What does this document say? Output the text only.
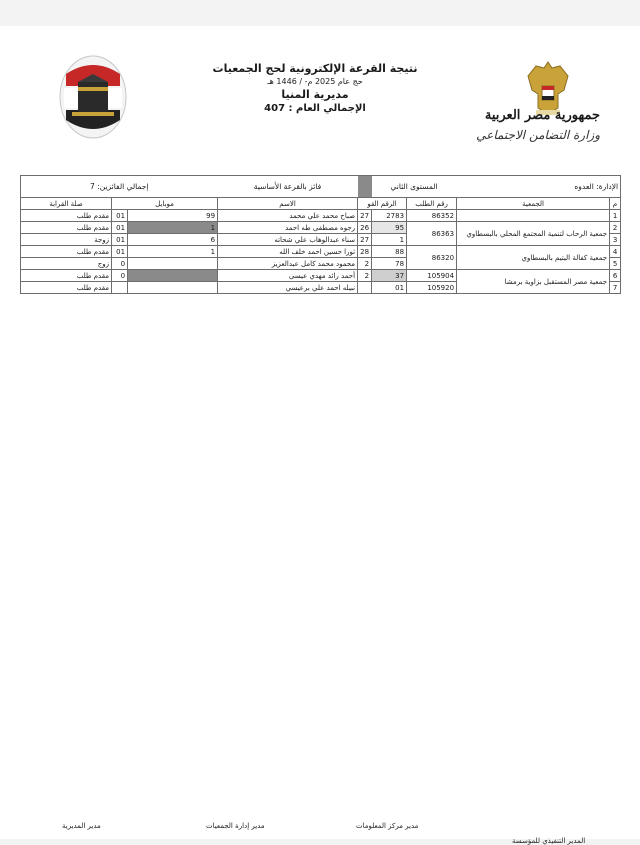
جمهورية مصر العربية
وزارة التضامن الاجتماعي
نتيجة القرعة الإلكترونية لحج الجمعيات
حج عام 2025 م- / 1446 هـ
مديرية المنيا
الإجمالي العام : 407
الإدارة: العدوه		المستوى الثاني			فائز بالقرعة الأساسية	إجمالي الفائزين: 7		
م	الجمعية	رقم الطلب	الرقم القو		الاسم	موبايل		صلة القرابة
1		86352	2783	27	صباح محمد علي محمد	99	01	مقدم طلب
2	جمعية الرحاب لتنمية المجتمع المحلي بالبسطاوي	86363	95	26	رجوه مصطفى طه احمد	1	01	مقدم طلب
3			1	27	سناء عبدالوهاب علي شحاته	6	01	زوجة
4	جمعية كفالة اليتيم بالبسطاوي	86320	88	28	ثورا حسين احمد خلف الله	1	01	مقدم طلب
5			78	2	محمود محمد كامل عبدالعزيز		0	زوج
6	جمعية مصر المستقبل بزاوية برمشا	105904	37	2	أحمد رائد مهدي عيسى		0	مقدم طلب
7		105920	01		نبيله احمد علي برعيسي			مقدم طلب
مدير المديرية	مدير إدارة الجمعيات	مدير مركز المعلومات
المدير التنفيذي للمؤسسة
